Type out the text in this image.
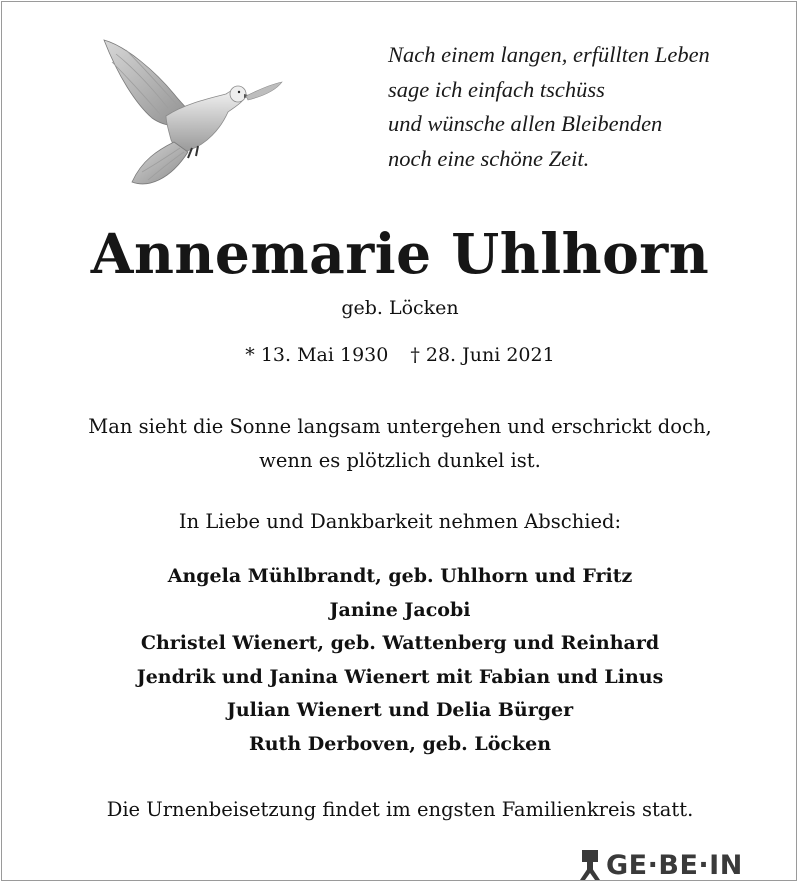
Nach einem langen, erfüllten Leben
sage ich einfach tschüss
und wünsche allen Bleibenden
noch eine schöne Zeit.
Annemarie Uhlhorn
geb. Löcken
* 13. Mai 1930 † 28. Juni 2021
Man sieht die Sonne langsam untergehen und erschrickt doch,
wenn es plötzlich dunkel ist.
In Liebe und Dankbarkeit nehmen Abschied:
Angela Mühlbrandt, geb. Uhlhorn und Fritz
Janine Jacobi
Christel Wienert, geb. Wattenberg und Reinhard
Jendrik und Janina Wienert mit Fabian und Linus
Julian Wienert und Delia Bürger
Ruth Derboven, geb. Löcken
Die Urnenbeisetzung findet im engsten Familienkreis statt.
GE·BE·IN
